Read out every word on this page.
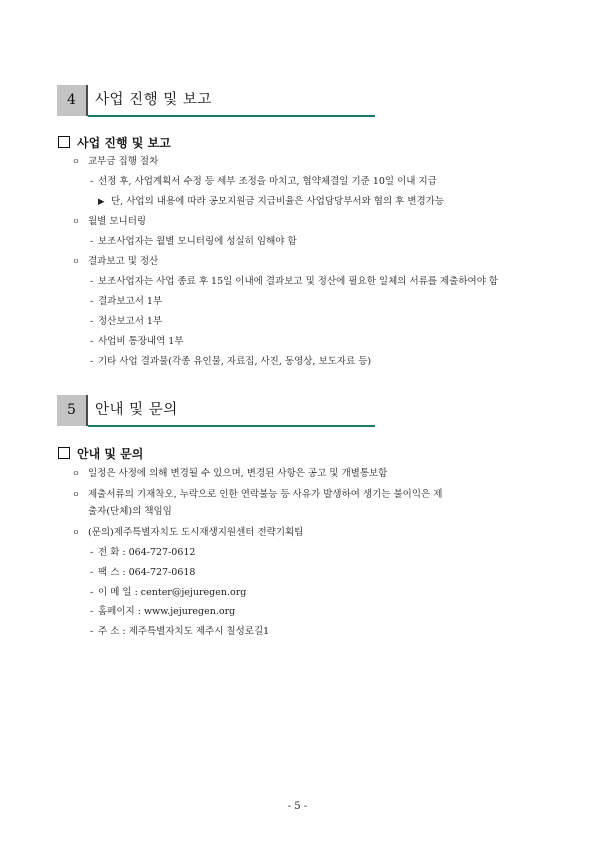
4	사업 진행 및 보고
사업 진행 및 보고
ㅇ 교부금 집행 절차
- 선정 후, 사업계획서 수정 등 세부 조정을 마치고, 협약체결일 기준 10일 이내 지급
▶ 단, 사업의 내용에 따라 공모지원금 지급비율은 사업담당부서와 협의 후 변경가능
ㅇ 월별 모니터링
- 보조사업자는 월별 모니터링에 성실히 임해야 함
ㅇ 결과보고 및 정산
- 보조사업자는 사업 종료 후 15일 이내에 결과보고 및 정산에 필요한 일체의 서류를 제출하여야 함
- 결과보고서 1부
- 정산보고서 1부
- 사업비 통장내역 1부
- 기타 사업 결과물(각종 유인물, 자료집, 사진, 동영상, 보도자료 등)
5	안내 및 문의
안내 및 문의
ㅇ 일정은 사정에 의해 변경될 수 있으며, 변경된 사항은 공고 및 개별통보함
ㅇ 제출서류의 기재착오, 누락으로 인한 연락불능 등 사유가 발생하여 생기는 불이익은 제
출자(단체)의 책임임
ㅇ (문의)제주특별자치도 도시재생지원센터 전략기획팀
- 전 화 : 064-727-0612
- 팩 스 : 064-727-0618
- 이 메 일 : center@jejuregen.org
- 홈페이지 : www.jejuregen.org
- 주 소 : 제주특별자치도 제주시 칠성로길1
- 5 -
